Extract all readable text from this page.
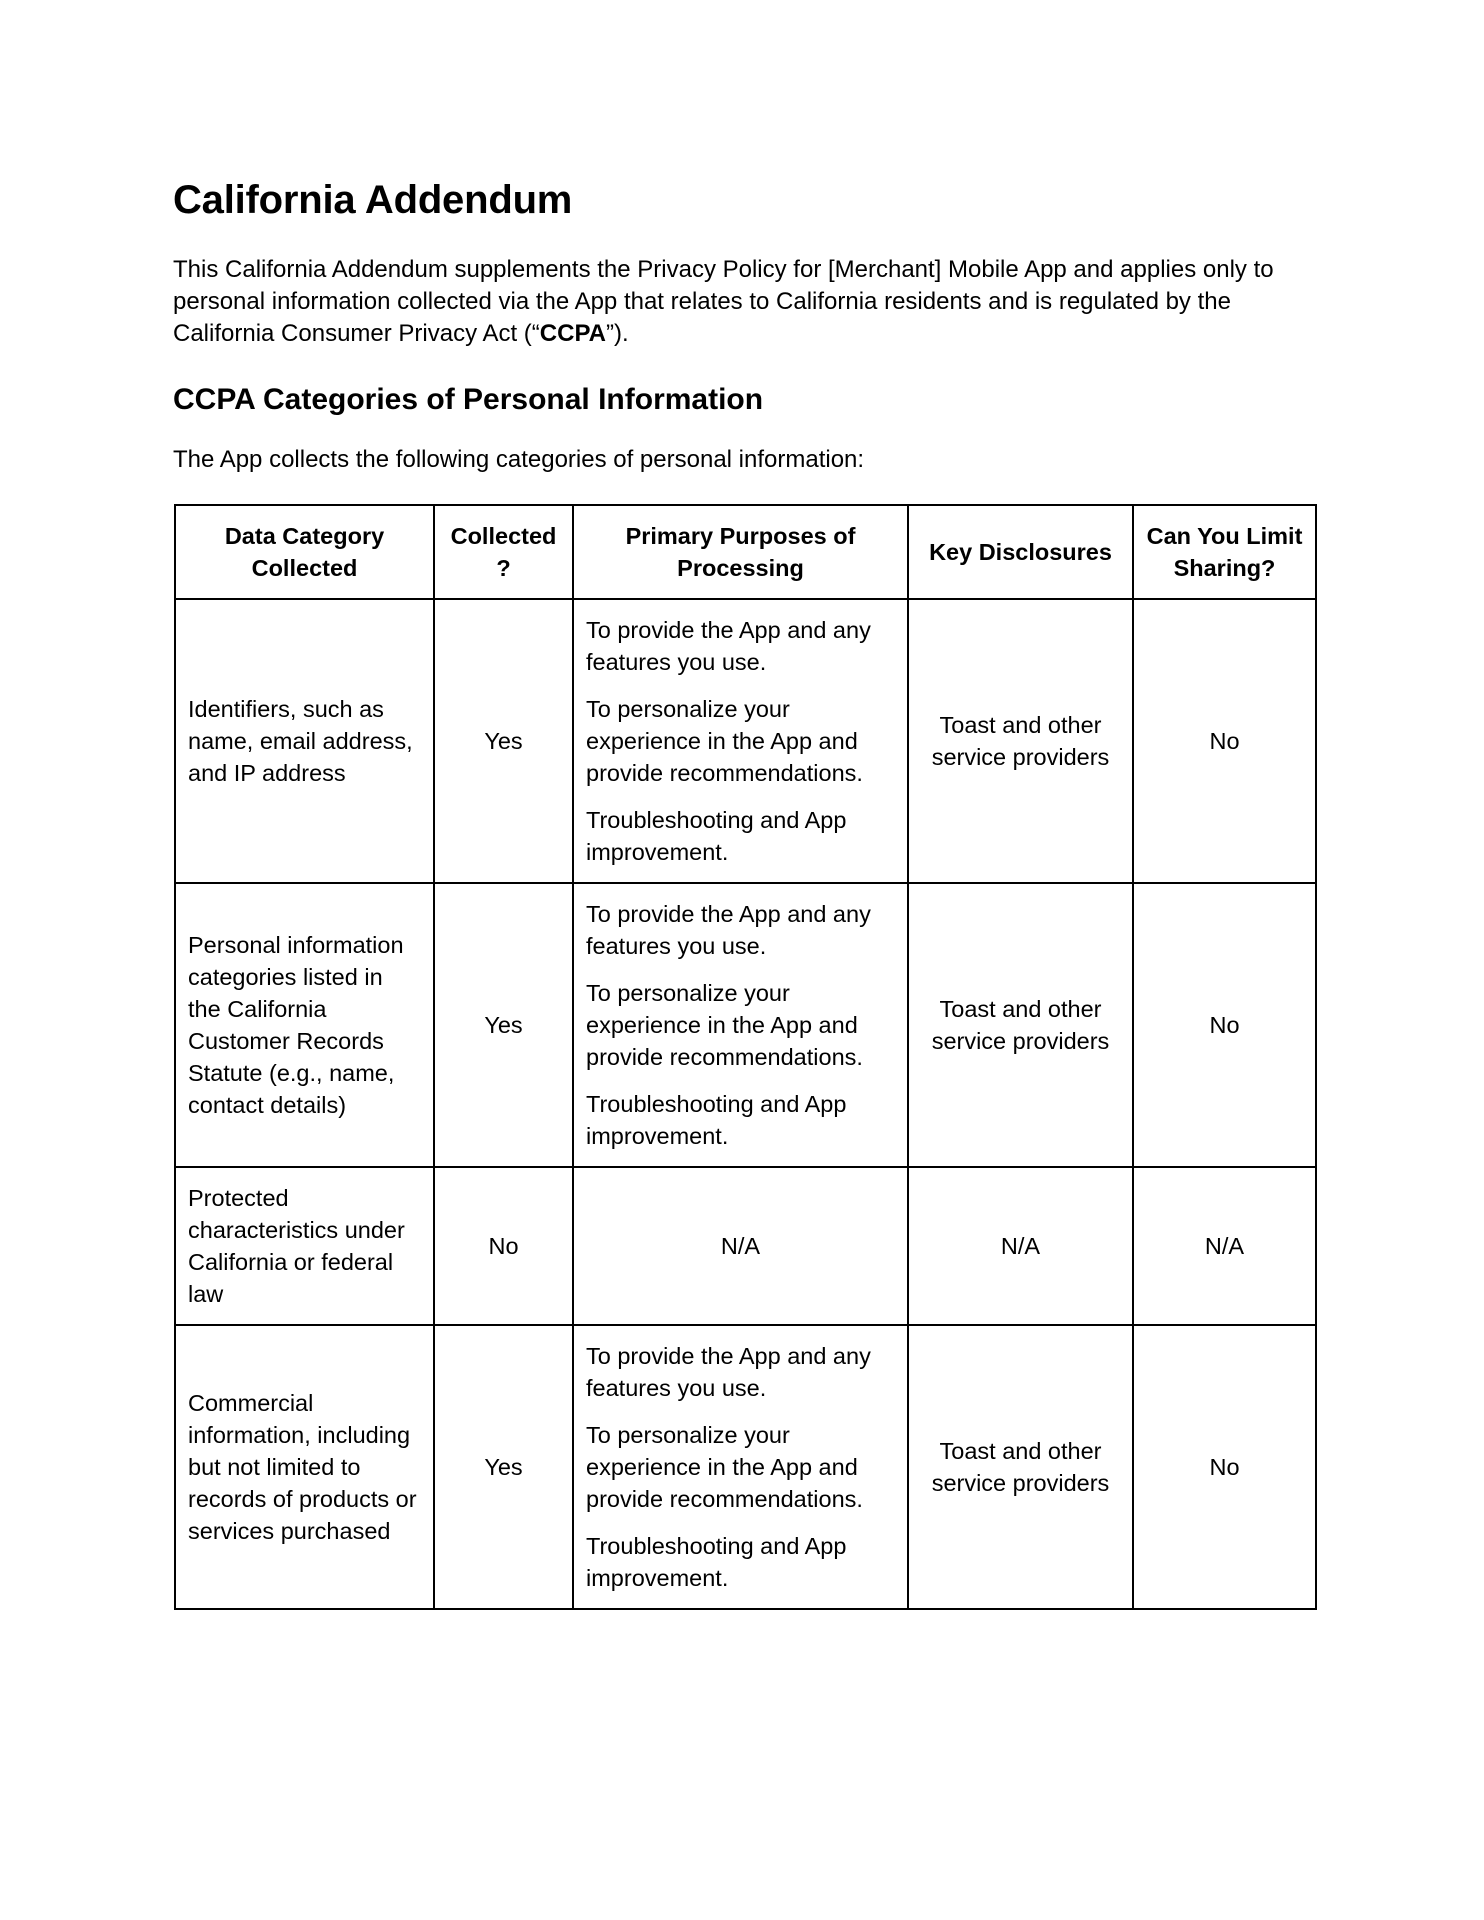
California Addendum

This California Addendum supplements the Privacy Policy for [Merchant] Mobile App and applies only to personal information collected via the App that relates to California residents and is regulated by the California Consumer Privacy Act (“CCPA”).

CCPA Categories of Personal Information

The App collects the following categories of personal information:

Data Category Collected	Collected ?	Primary Purposes of Processing	Key Disclosures	Can You Limit Sharing?
Identifiers, such as name, email address, and IP address	Yes	To provide the App and any features you use.

To personalize your experience in the App and provide recommendations.

Troubleshooting and App improvement.	Toast and other service providers	No
Personal information categories listed in the California Customer Records Statute (e.g., name, contact details)	Yes	To provide the App and any features you use.

To personalize your experience in the App and provide recommendations.

Troubleshooting and App improvement.	Toast and other service providers	No
Protected characteristics under California or federal law	No	N/A	N/A	N/A
Commercial information, including but not limited to records of products or services purchased	Yes	To provide the App and any features you use.

To personalize your experience in the App and provide recommendations.

Troubleshooting and App improvement.	Toast and other service providers	No
